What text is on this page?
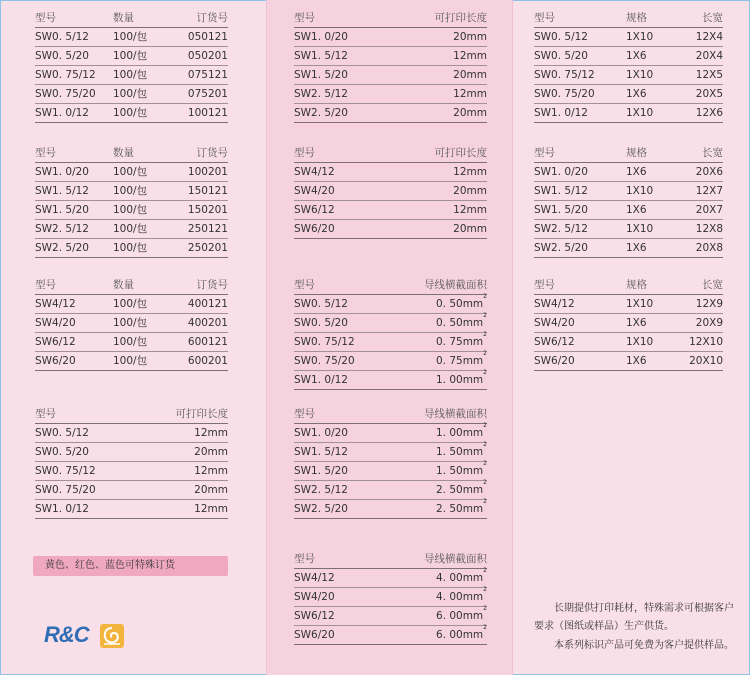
型号	数量	订货号
SW0. 5/12 100/包	050121
SW0. 5/20 100/包	050201
SW0. 75/12 100/包	075121
SW0. 75/20 100/包	075201
SW1. 0/12 100/包	100121
型号	数量	订货号
SW1. 0/20 100/包	100201
SW1. 5/12 100/包	150121
SW1. 5/20 100/包	150201
SW2. 5/12 100/包	250121
SW2. 5/20 100/包	250201
型号	数量	订货号
SW4/12	100/包	400121
SW4/20	100/包	400201
SW6/12	100/包	600121
SW6/20	100/包	600201
型号	可打印长度
SW0. 5/12	12mm
SW0. 5/20	20mm
SW0. 75/12	12mm
SW0. 75/20	20mm
SW1. 0/12	12mm
型号	可打印长度
SW1. 0/20	20mm
SW1. 5/12	12mm
SW1. 5/20	20mm
SW2. 5/12	12mm
SW2. 5/20	20mm
型号	可打印长度
SW4/12	12mm
SW4/20	20mm
SW6/12	12mm
SW6/20	20mm
型号	导线横截面积
SW0. 5/12	0. $50mm^2$
SW0. 5/20	0. $50mm^2$
SW0. 75/12	0. $75mm^2$
SW0. 75/20	0. $75mm^2$
SW1. 0/12	1. $00mm^2$
型号	导线横截面积
SW1. 0/20	1. $00mm^2$
SW1. 5/12	1. $50mm^2$
SW1. 5/20	1. $50mm^2$
SW2. 5/12	2. $50mm^2$
SW2. 5/20	2. $50mm^2$
型号	导线横截面积
SW4/12	4. $00mm^2$
SW4/20	4. $00mm^2$
SW6/12	6. $00mm^2$
SW6/20	6. $00mm^2$
型号	规格	长宽
SW0. 5/12	1X10	12X4
SW0. 5/20	1X6	20X4
SW0. 75/12	1X10	12X5
SW0. 75/20	1X6	20X5
SW1. 0/12	1X10	12X6
型号	规格	长宽
SW1. 0/20	1X6	20X6
SW1. 5/12	1X10	12X7
SW1. 5/20	1X6	20X7
SW2. 5/12	1X10	12X8
SW2. 5/20	1X6	20X8
型号	规格	长宽
SW4/12	1X10	12X9
SW4/20	1X6	20X9
SW6/12	1X10	12X10
SW6/20	1X6	20X10
黄色、红色、蓝色可特殊订货
R&C
长期提供打印耗材，特殊需求可根据客户要求（图纸或样品）生产供货。
本系列标识产品可免费为客户提供样品。
